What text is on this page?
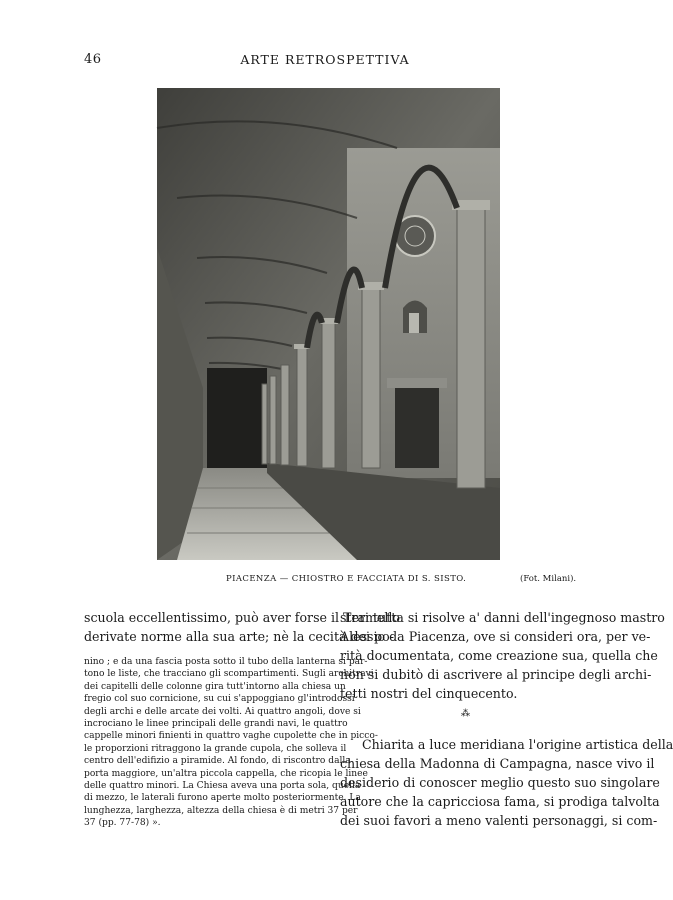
46	ARTE RETROSPETTIVA
PIACENZA — CHIOSTRO E FACCIATA DI S. SISTO.	(Fot. Milani).
scuola eccellentissimo, può aver forse il Tramello
derivate norme alla sua arte; nè la cecità dei po-
nino ; e da una fascia posta sotto il tubo della lanterna si par-
tono le liste, che tracciano gli scompartimenti. Sugli architravi
dei capitelli delle colonne gira tutt'intorno alla chiesa un
fregio col suo cornicione, su cui s'appoggiano gl'introdossi
degli archi e delle arcate dei volti. Ai quattro angoli, dove si
incrociano le linee principali delle grandi navi, le quattro
cappelle minori finienti in quattro vaghe cupolette che in picco-
le proporzioni ritraggono la grande cupola, che solleva il
centro dell'edifizio a piramide. Al fondo, di riscontro dalla
porta maggiore, un'altra piccola cappella, che ricopia le linee
delle quattro minori. La Chiesa aveva una porta sola, quella
di mezzo, le laterali furono aperte molto posteriormente. La
lunghezza, larghezza, altezza della chiesa è di metri 37 per
37 (pp. 77-78) ».
steri tutta si risolve a' danni dell'ingegnoso mastro
Alessio da Piacenza, ove si consideri ora, per ve-
rità documentata, come creazione sua, quella che
non si dubitò di ascrivere al principe degli archi-
tetti nostri del cinquecento.
⁂
Chiarita a luce meridiana l'origine artistica della
chiesa della Madonna di Campagna, nasce vivo il
desiderio di conoscer meglio questo suo singolare
autore che la capricciosa fama, si prodiga talvolta
dei suoi favori a meno valenti personaggi, si com-
